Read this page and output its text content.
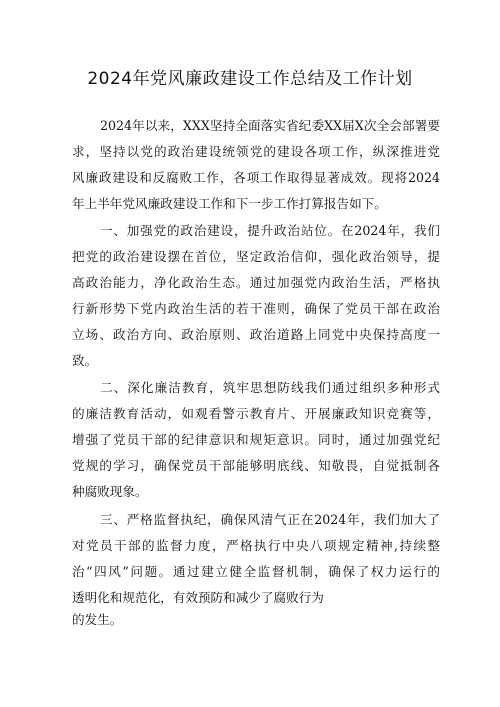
2024年党风廉政建设工作总结及工作计划
2024年以来，XXX坚持全面落实省纪委XX届X次全会部署要
求，坚持以党的政治建设统领党的建设各项工作，纵深推进党
风廉政建设和反腐败工作，各项工作取得显著成效。现将2024
年上半年党风廉政建设工作和下一步工作打算报告如下。
一、加强党的政治建设，提升政治站位。在2024年，我们
把党的政治建设摆在首位，坚定政治信仰，强化政治领导，提
高政治能力，净化政治生态。通过加强党内政治生活，严格执
行新形势下党内政治生活的若干准则，确保了党员干部在政治
立场、政治方向、政治原则、政治道路上同党中央保持高度一
致。
二、深化廉洁教育，筑牢思想防线我们通过组织多种形式
的廉洁教育活动，如观看警示教育片、开展廉政知识竞赛等，
增强了党员干部的纪律意识和规矩意识。同时，通过加强党纪
党规的学习，确保党员干部能够明底线、知敬畏，自觉抵制各
种腐败现象。
三、严格监督执纪，确保风清气正在2024年，我们加大了
对党员干部的监督力度，严格执行中央八项规定精神,持续整
治“四风”问题。通过建立健全监督机制，确保了权力运行的
透明化和规范化，有效预防和减少了腐败行为
的发生。
